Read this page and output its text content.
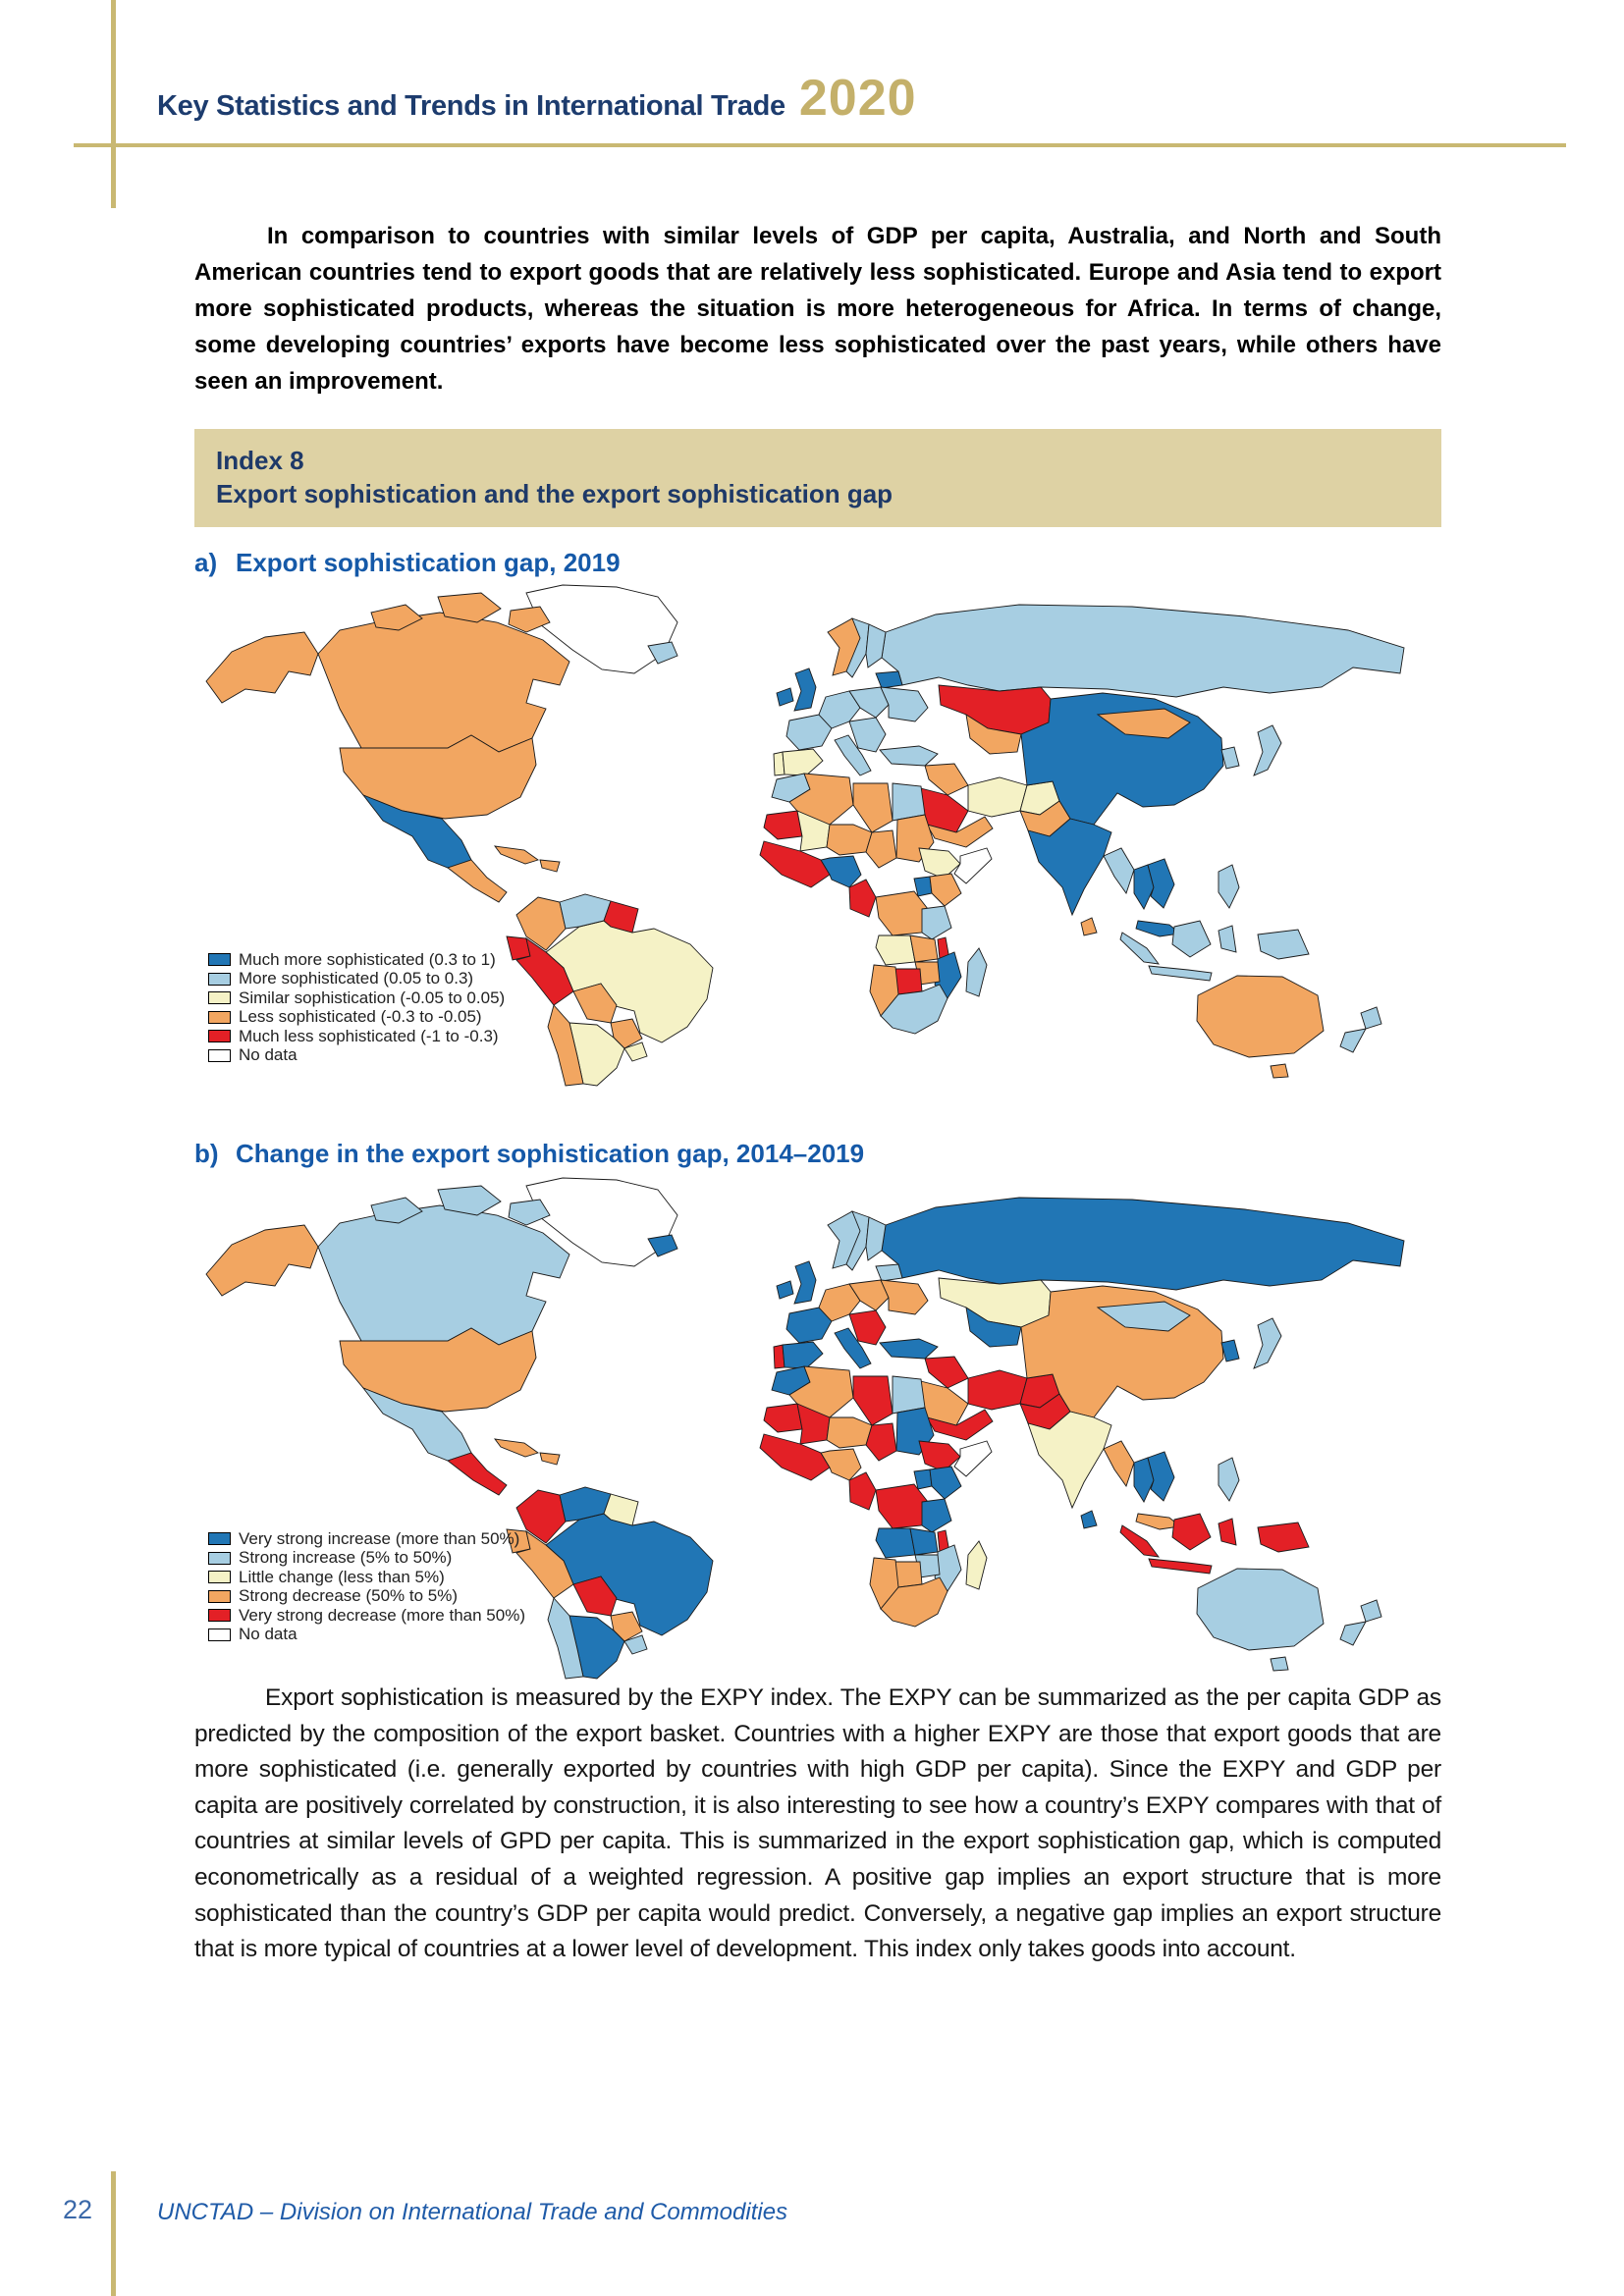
Key Statistics and Trends in International Trade 2020

In comparison to countries with similar levels of GDP per capita, Australia, and North and South American countries tend to export goods that are relatively less sophisticated. Europe and Asia tend to export more sophisticated products, whereas the situation is more heterogeneous for Africa. In terms of change, some developing countries’ exports have become less sophisticated over the past years, while others have seen an improvement.

Index 8
Export sophistication and the export sophistication gap
a) Export sophistication gap, 2019
Much more sophisticated (0.3 to 1)
More sophisticated (0.05 to 0.3)
Similar sophistication (-0.05 to 0.05)
Less sophisticated (-0.3 to -0.05)
Much less sophisticated (-1 to -0.3)
No data
b) Change in the export sophistication gap, 2014–2019
Very strong increase (more than 50%)
Strong increase (5% to 50%)
Little change (less than 5%)
Strong decrease (50% to 5%)
Very strong decrease (more than 50%)
No data

Export sophistication is measured by the EXPY index. The EXPY can be summarized as the per capita GDP as predicted by the composition of the export basket. Countries with a higher EXPY are those that export goods that are more sophisticated (i.e. generally exported by countries with high GDP per capita). Since the EXPY and GDP per capita are positively correlated by construction, it is also interesting to see how a country’s EXPY compares with that of countries at similar levels of GPD per capita. This is summarized in the export sophistication gap, which is computed econometrically as a residual of a weighted regression. A positive gap implies an export structure that is more sophisticated than the country’s GDP per capita would predict. Conversely, a negative gap implies an export structure that is more typical of countries at a lower level of development. This index only takes goods into account.

22	UNCTAD – Division on International Trade and Commodities
